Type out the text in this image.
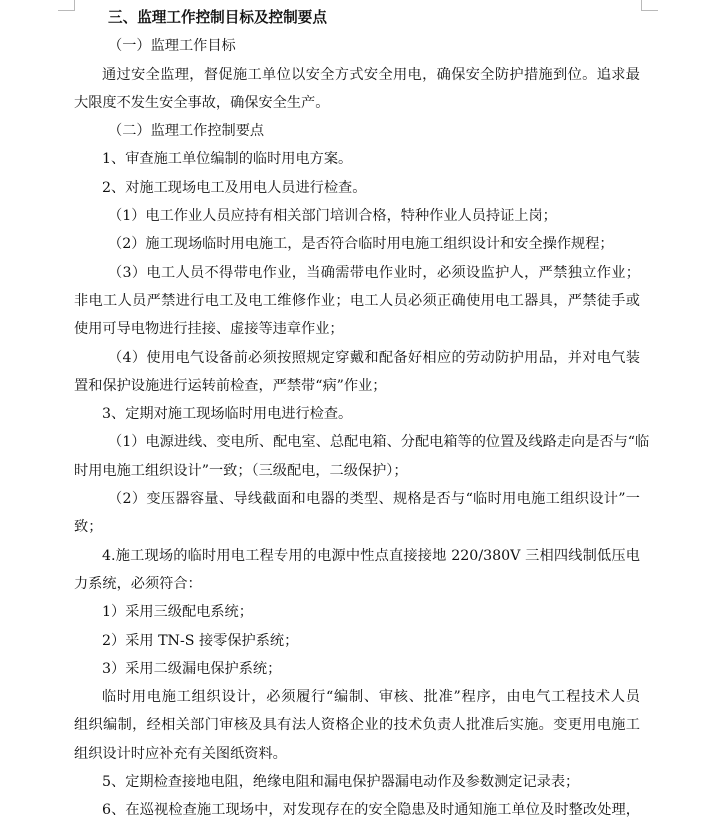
三、监理工作控制目标及控制要点
（一）监理工作目标
通过安全监理，督促施工单位以安全方式安全用电，确保安全防护措施到位。追求最
大限度不发生安全事故，确保安全生产。
（二）监理工作控制要点
1、审查施工单位编制的临时用电方案。
2、对施工现场电工及用电人员进行检查。
（1）电工作业人员应持有相关部门培训合格，特种作业人员持证上岗；
（2）施工现场临时用电施工，是否符合临时用电施工组织设计和安全操作规程；
（3）电工人员不得带电作业，当确需带电作业时，必须设监护人，严禁独立作业；
非电工人员严禁进行电工及电工维修作业；电工人员必须正确使用电工器具，严禁徒手或
使用可导电物进行挂接、虚接等违章作业；
（4）使用电气设备前必须按照规定穿戴和配备好相应的劳动防护用品，并对电气装
置和保护设施进行运转前检查，严禁带“病”作业；
3、定期对施工现场临时用电进行检查。
（1）电源进线、变电所、配电室、总配电箱、分配电箱等的位置及线路走向是否与“临
时用电施工组织设计”一致；（三级配电，二级保护）；
（2）变压器容量、导线截面和电器的类型、规格是否与“临时用电施工组织设计”一
致；
4.施工现场的临时用电工程专用的电源中性点直接接地 220/380V 三相四线制低压电
力系统，必须符合：
1）采用三级配电系统；
2）采用 TN-S 接零保护系统；
3）采用二级漏电保护系统；
临时用电施工组织设计，必须履行“编制、审核、批准”程序，由电气工程技术人员
组织编制，经相关部门审核及具有法人资格企业的技术负责人批准后实施。变更用电施工
组织设计时应补充有关图纸资料。
5、定期检查接地电阻，绝缘电阻和漏电保护器漏电动作及参数测定记录表；
6、在巡视检查施工现场中，对发现存在的安全隐患及时通知施工单位及时整改处理，
